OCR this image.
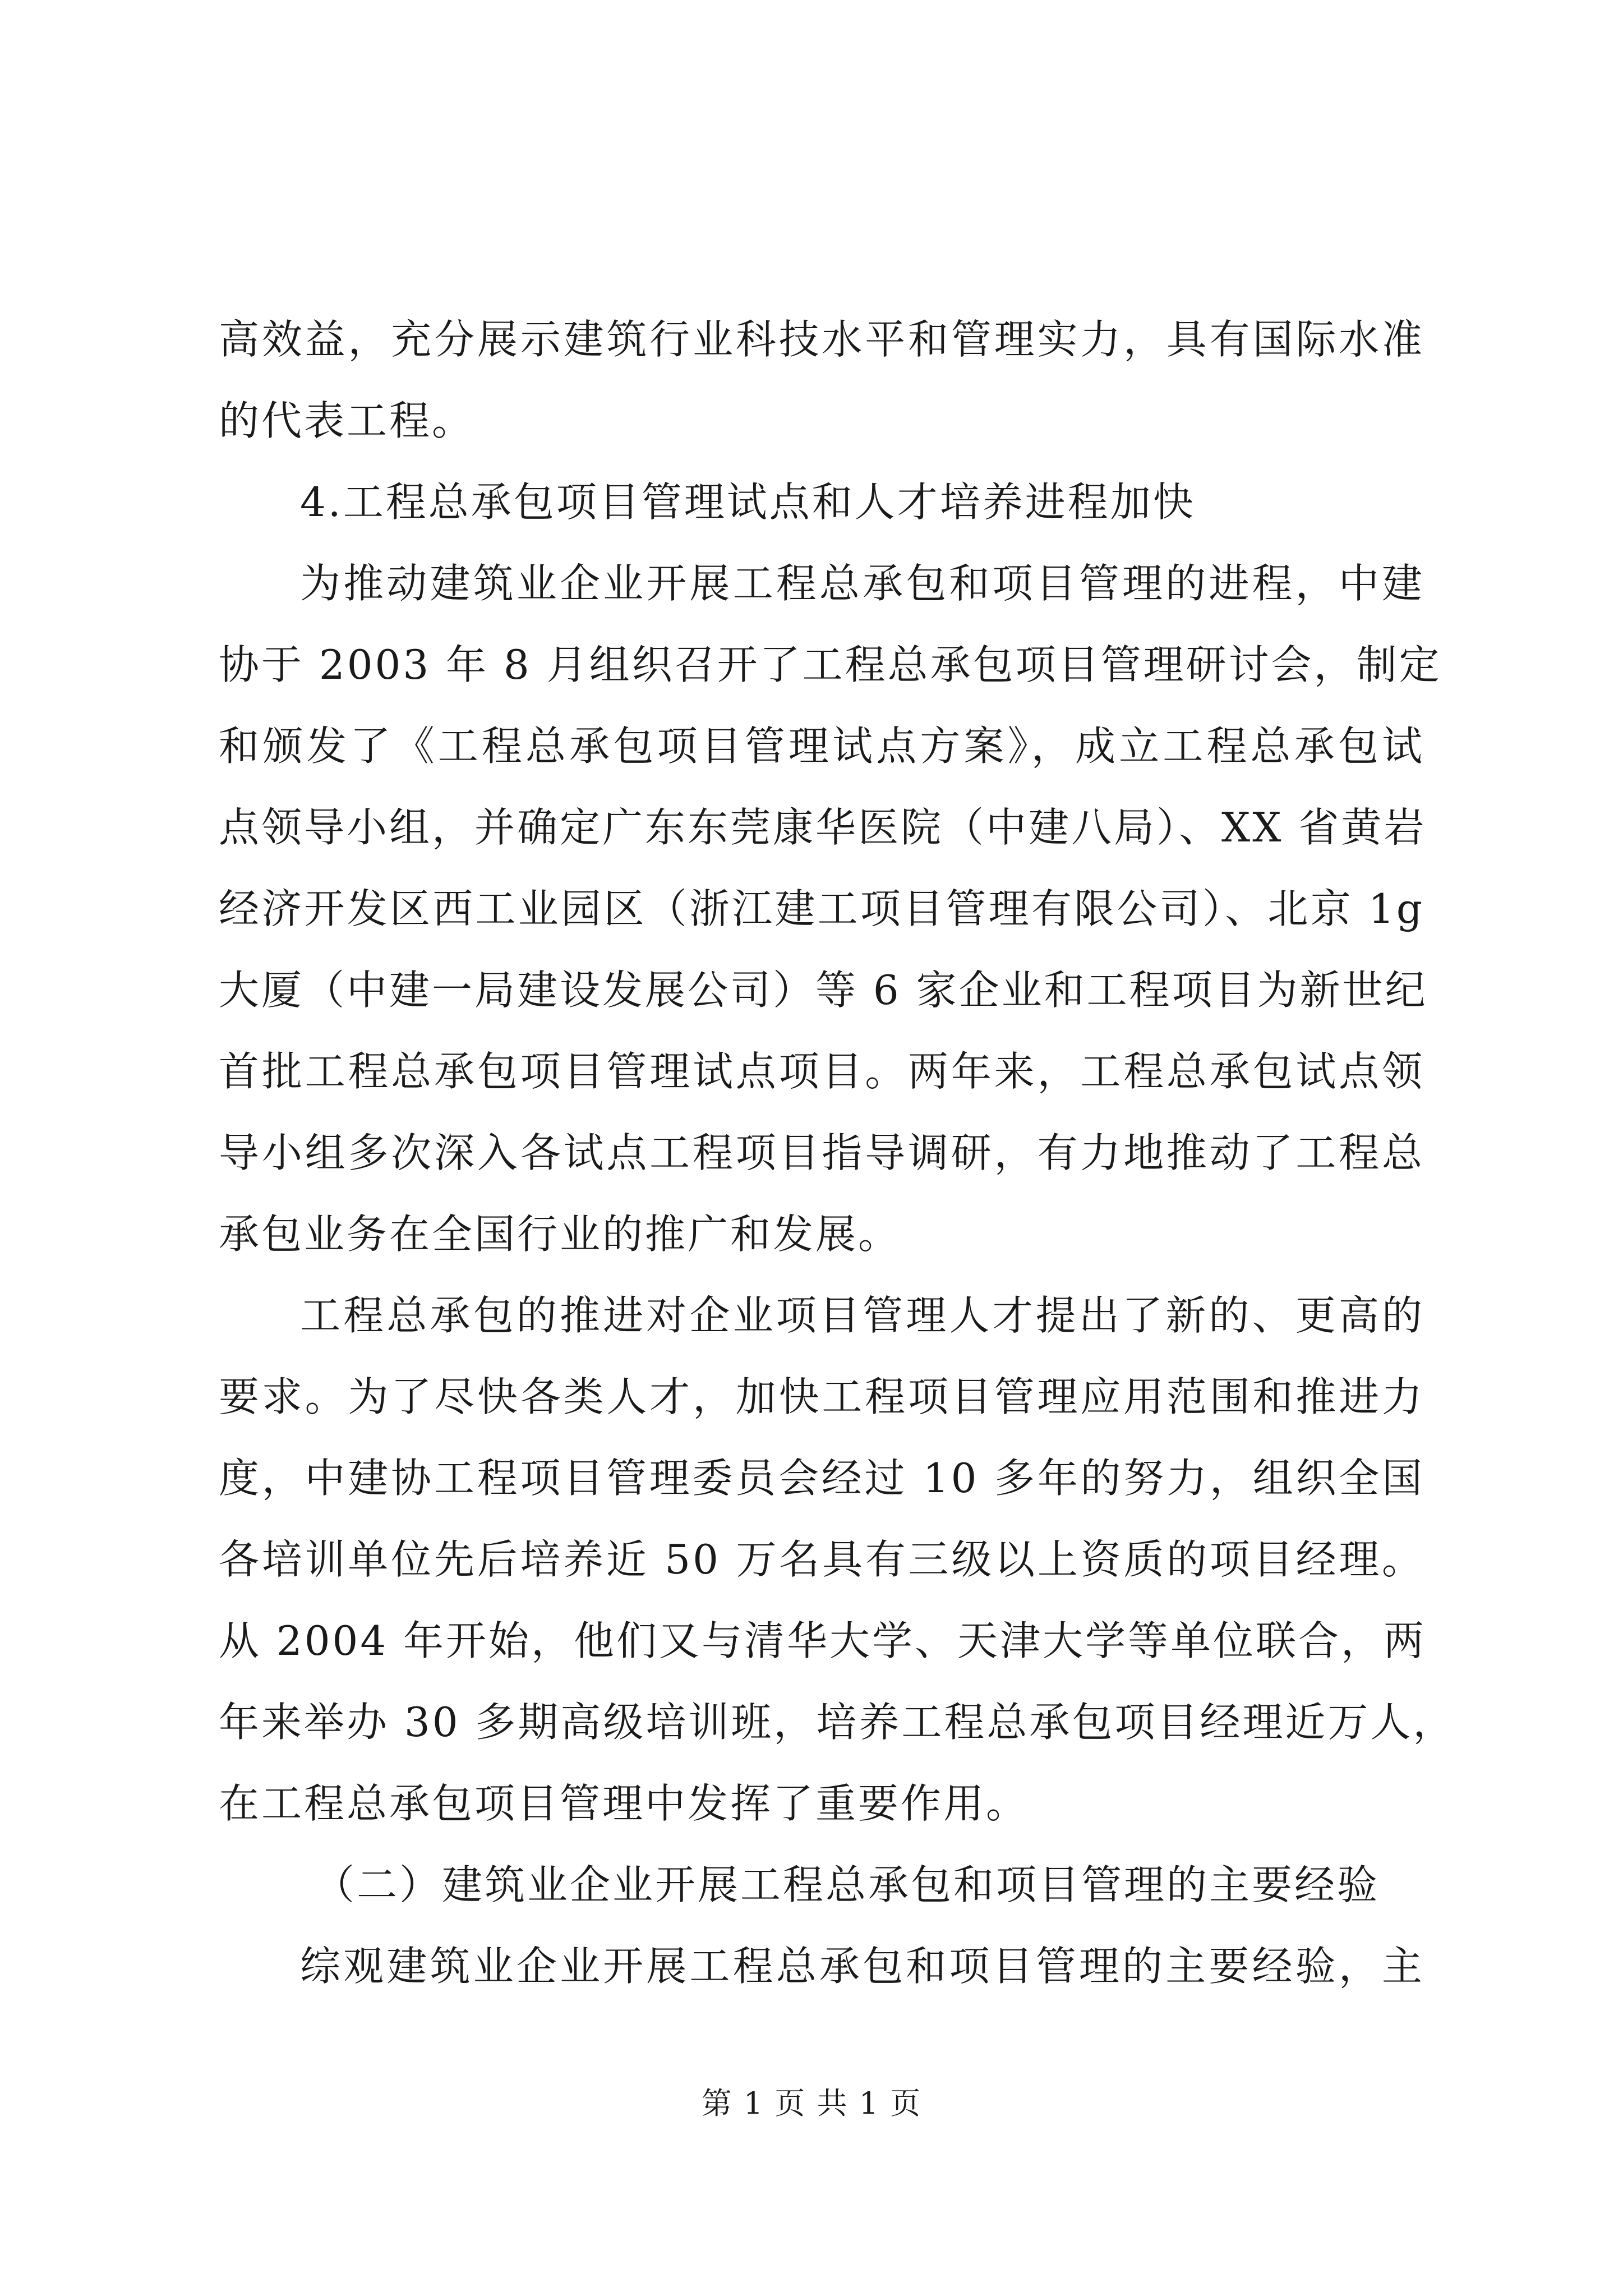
高效益，充分展示建筑行业科技水平和管理实力，具有国际水准
的代表工程。
4.工程总承包项目管理试点和人才培养进程加快
为推动建筑业企业开展工程总承包和项目管理的进程，中建
协于 2003 年 8 月组织召开了工程总承包项目管理研讨会，制定
和颁发了《工程总承包项目管理试点方案》，成立工程总承包试
点领导小组，并确定广东东莞康华医院（中建八局）、XX 省黄岩
经济开发区西工业园区（浙江建工项目管理有限公司）、北京 1g
大厦（中建一局建设发展公司）等 6 家企业和工程项目为新世纪
首批工程总承包项目管理试点项目。两年来，工程总承包试点领
导小组多次深入各试点工程项目指导调研，有力地推动了工程总
承包业务在全国行业的推广和发展。
工程总承包的推进对企业项目管理人才提出了新的、更高的
要求。为了尽快各类人才，加快工程项目管理应用范围和推进力
度，中建协工程项目管理委员会经过 10 多年的努力，组织全国
各培训单位先后培养近 50 万名具有三级以上资质的项目经理。
从 2004 年开始，他们又与清华大学、天津大学等单位联合，两
年来举办 30 多期高级培训班，培养工程总承包项目经理近万人，
在工程总承包项目管理中发挥了重要作用。
（二）建筑业企业开展工程总承包和项目管理的主要经验
综观建筑业企业开展工程总承包和项目管理的主要经验，主
第 1 页 共 1 页
